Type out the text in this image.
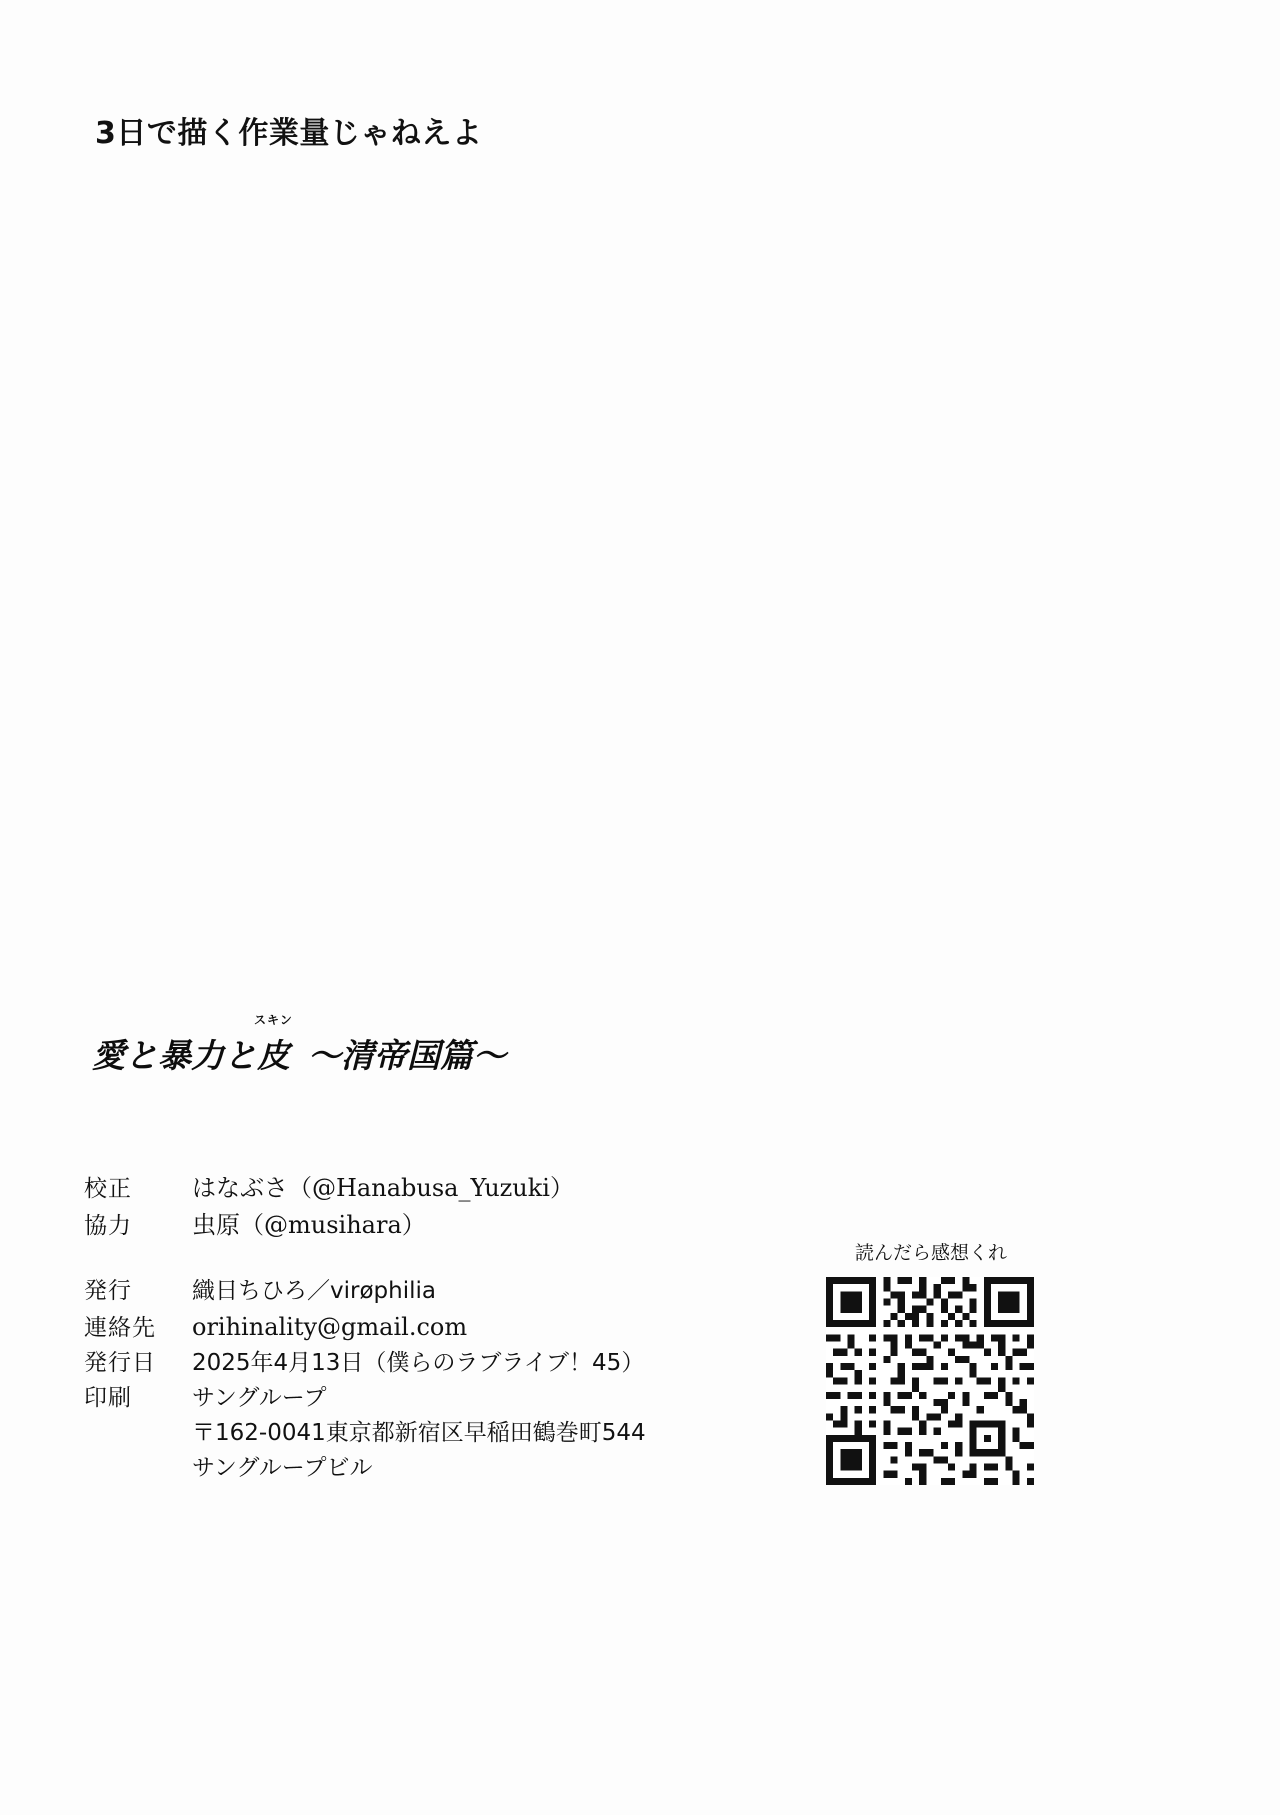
3日で描く作業量じゃねえよ
愛と暴力と
スキン
皮 〜清帝国篇〜
校正	はなぶさ（@Hanabusa_Yuzuki）
協力	虫原（@musihara）
発行	織日ちひろ／virøphilia
連絡先	orihinality@gmail.com
発行日	2025年4月13日（僕らのラブライブ！45）
印刷	サングループ
〒162-0041東京都新宿区早稲田鶴巻町544
サングループビル
読んだら感想くれ
